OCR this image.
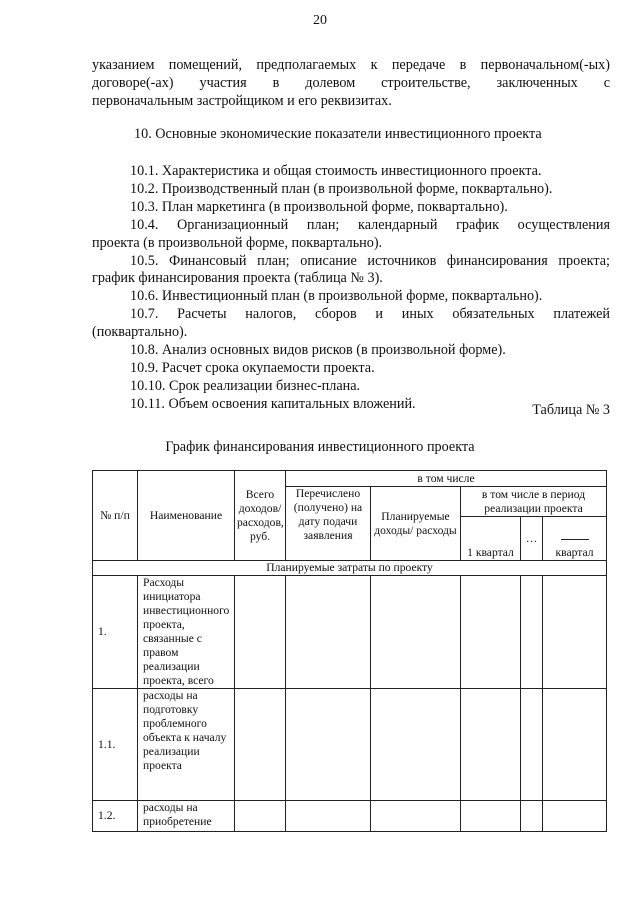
20
указанием помещений, предполагаемых к передаче в первоначальном(-ых)
договоре(-ах) участия в долевом строительстве, заключенных с
первоначальным застройщиком и его реквизитах.
10. Основные экономические показатели инвестиционного проекта
10.1. Характеристика и общая стоимость инвестиционного проекта.
10.2. Производственный план (в произвольной форме, поквартально).
10.3. План маркетинга (в произвольной форме, поквартально).
10.4. Организационный план; календарный график осуществления
проекта (в произвольной форме, поквартально).
10.5. Финансовый план; описание источников финансирования проекта;
график финансирования проекта (таблица № 3).
10.6. Инвестиционный план (в произвольной форме, поквартально).
10.7. Расчеты налогов, сборов и иных обязательных платежей
(поквартально).
10.8. Анализ основных видов рисков (в произвольной форме).
10.9. Расчет срока окупаемости проекта.
10.10. Срок реализации бизнес-плана.
10.11. Объем освоения капитальных вложений.	Таблица № 3
График финансирования инвестиционного проекта
№ п/п	Наименование	Всего доходов/ расходов, руб.	в том числе				
			Перечислено (получено) на дату подачи заявления	Планируемые доходы/ расходы	в том числе в период реализации проекта		
					1 квартал	…	квартал
Планируемые затраты по проекту							
1.	Расходы инициатора инвестиционного проекта, связанные с правом реализации проекта, всего						
1.1.	расходы на подготовку проблемного объекта к началу реализации проекта						
1.2.	расходы на приобретение						
